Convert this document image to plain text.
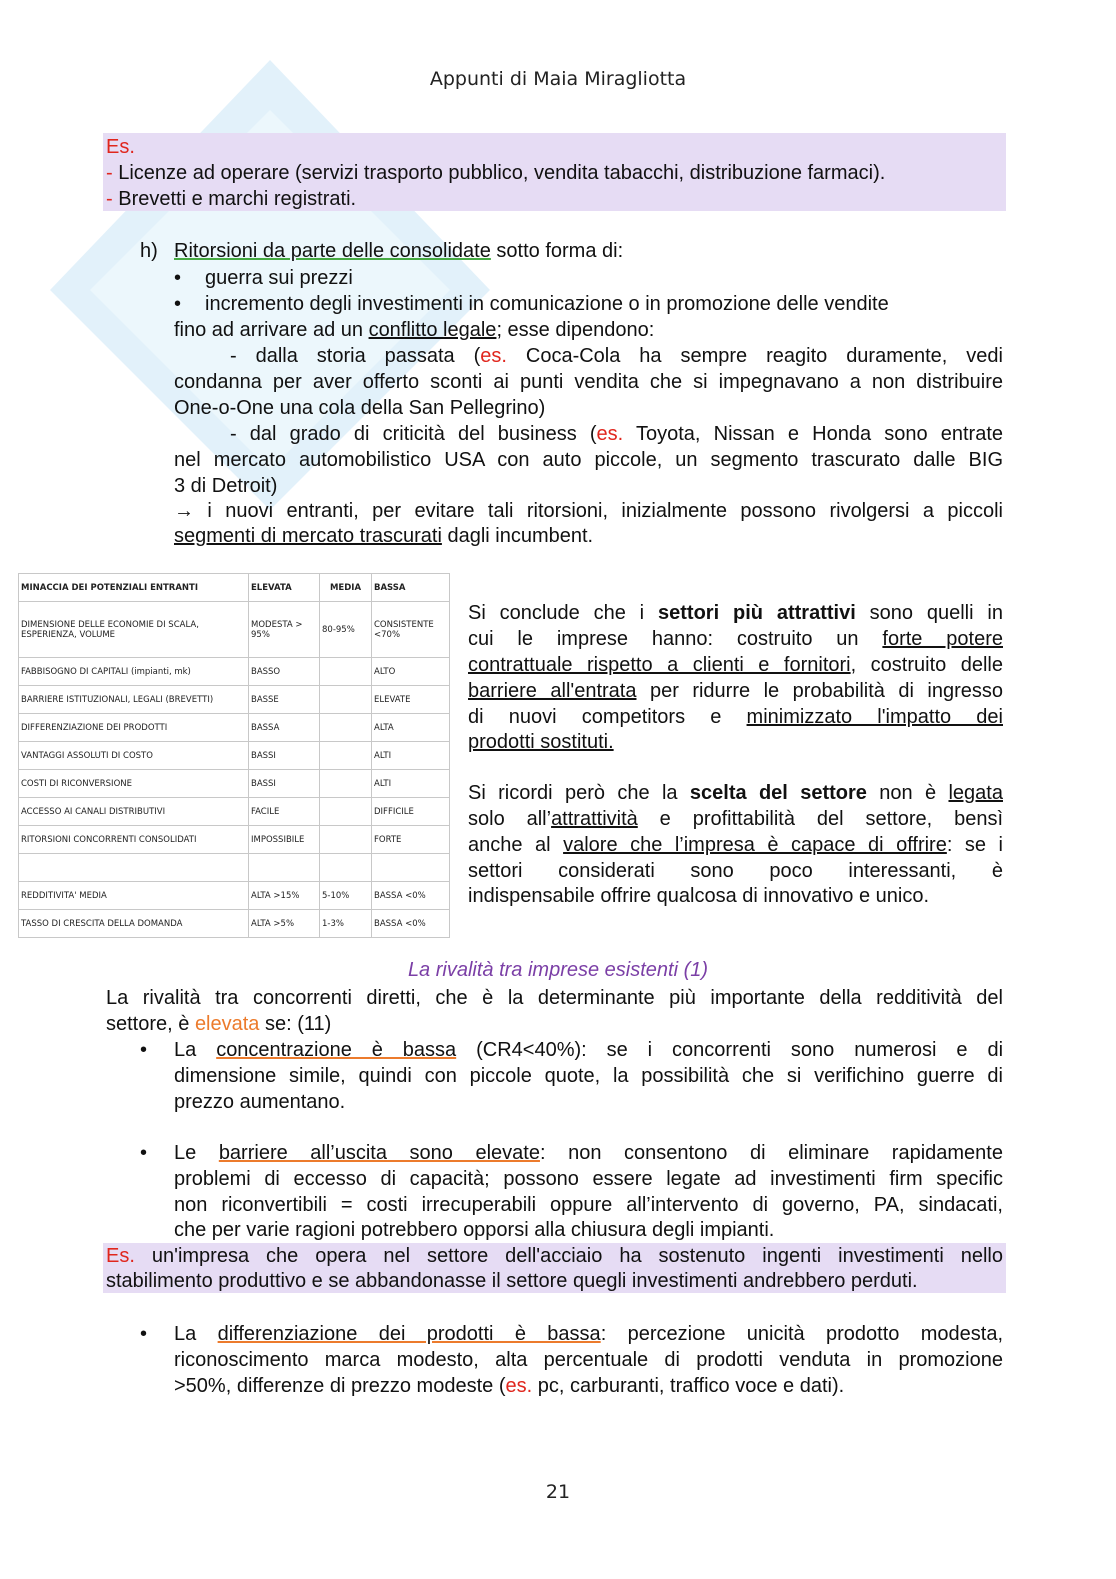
Appunti di Maia Miragliotta
Es.
- Licenze ad operare (servizi trasporto pubblico, vendita tabacchi, distribuzione farmaci).
- Brevetti e marchi registrati.
h) Ritorsioni da parte delle consolidate sotto forma di:
• guerra sui prezzi
• incremento degli investimenti in comunicazione o in promozione delle vendite
fino ad arrivare ad un conflitto legale; esse dipendono:
- dalla storia passata (es. Coca-Cola ha sempre reagito duramente, vedi
condanna per aver offerto sconti ai punti vendita che si impegnavano a non distribuire
One-o-One una cola della San Pellegrino)
- dal grado di criticità del business (es. Toyota, Nissan e Honda sono entrate
nel mercato automobilistico USA con auto piccole, un segmento trascurato dalle BIG
3 di Detroit)
→ i nuovi entranti, per evitare tali ritorsioni, inizialmente possono rivolgersi a piccoli
segmenti di mercato trascurati dagli incumbent.
MINACCIA DEI POTENZIALI ENTRANTI	ELEVATA	MEDIA	BASSA
DIMENSIONE DELLE ECONOMIE DI SCALA, ESPERIENZA, VOLUME	MODESTA > 95%	80-95%	CONSISTENTE <70%
FABBISOGNO DI CAPITALI (impianti, mk)	BASSO		ALTO
BARRIERE ISTITUZIONALI, LEGALI (BREVETTI)	BASSE		ELEVATE
DIFFERENZIAZIONE DEI PRODOTTI	BASSA		ALTA
VANTAGGI ASSOLUTI DI COSTO	BASSI		ALTI
COSTI DI RICONVERSIONE	BASSI		ALTI
ACCESSO AI CANALI DISTRIBUTIVI	FACILE		DIFFICILE
RITORSIONI CONCORRENTI CONSOLIDATI	IMPOSSIBILE		FORTE

REDDITIVITA' MEDIA	ALTA >15%	5-10%	BASSA <0%
TASSO DI CRESCITA DELLA DOMANDA	ALTA >5%	1-3%	BASSA <0%
Si conclude che i settori più attrattivi sono quelli in
cui le imprese hanno: costruito un forte potere
contrattuale rispetto a clienti e fornitori, costruito delle
barriere all'entrata per ridurre le probabilità di ingresso
di nuovi competitors e minimizzato l'impatto dei
prodotti sostituti.
Si ricordi però che la scelta del settore non è legata
solo all’attrattività e profittabilità del settore, bensì
anche al valore che l’impresa è capace di offrire: se i
settori considerati sono poco interessanti, è
indispensabile offrire qualcosa di innovativo e unico.
La rivalità tra imprese esistenti (1)
La rivalità tra concorrenti diretti, che è la determinante più importante della redditività del
settore, è elevata se: (11)
• La concentrazione è bassa (CR4<40%): se i concorrenti sono numerosi e di
dimensione simile, quindi con piccole quote, la possibilità che si verifichino guerre di
prezzo aumentano.
• Le barriere all’uscita sono elevate: non consentono di eliminare rapidamente
problemi di eccesso di capacità; possono essere legate ad investimenti firm specific
non riconvertibili = costi irrecuperabili oppure all’intervento di governo, PA, sindacati,
che per varie ragioni potrebbero opporsi alla chiusura degli impianti.
Es. un'impresa che opera nel settore dell'acciaio ha sostenuto ingenti investimenti nello
stabilimento produttivo e se abbandonasse il settore quegli investimenti andrebbero perduti.
• La differenziazione dei prodotti è bassa: percezione unicità prodotto modesta,
riconoscimento marca modesto, alta percentuale di prodotti venduta in promozione
>50%, differenze di prezzo modeste (es. pc, carburanti, traffico voce e dati).
21
